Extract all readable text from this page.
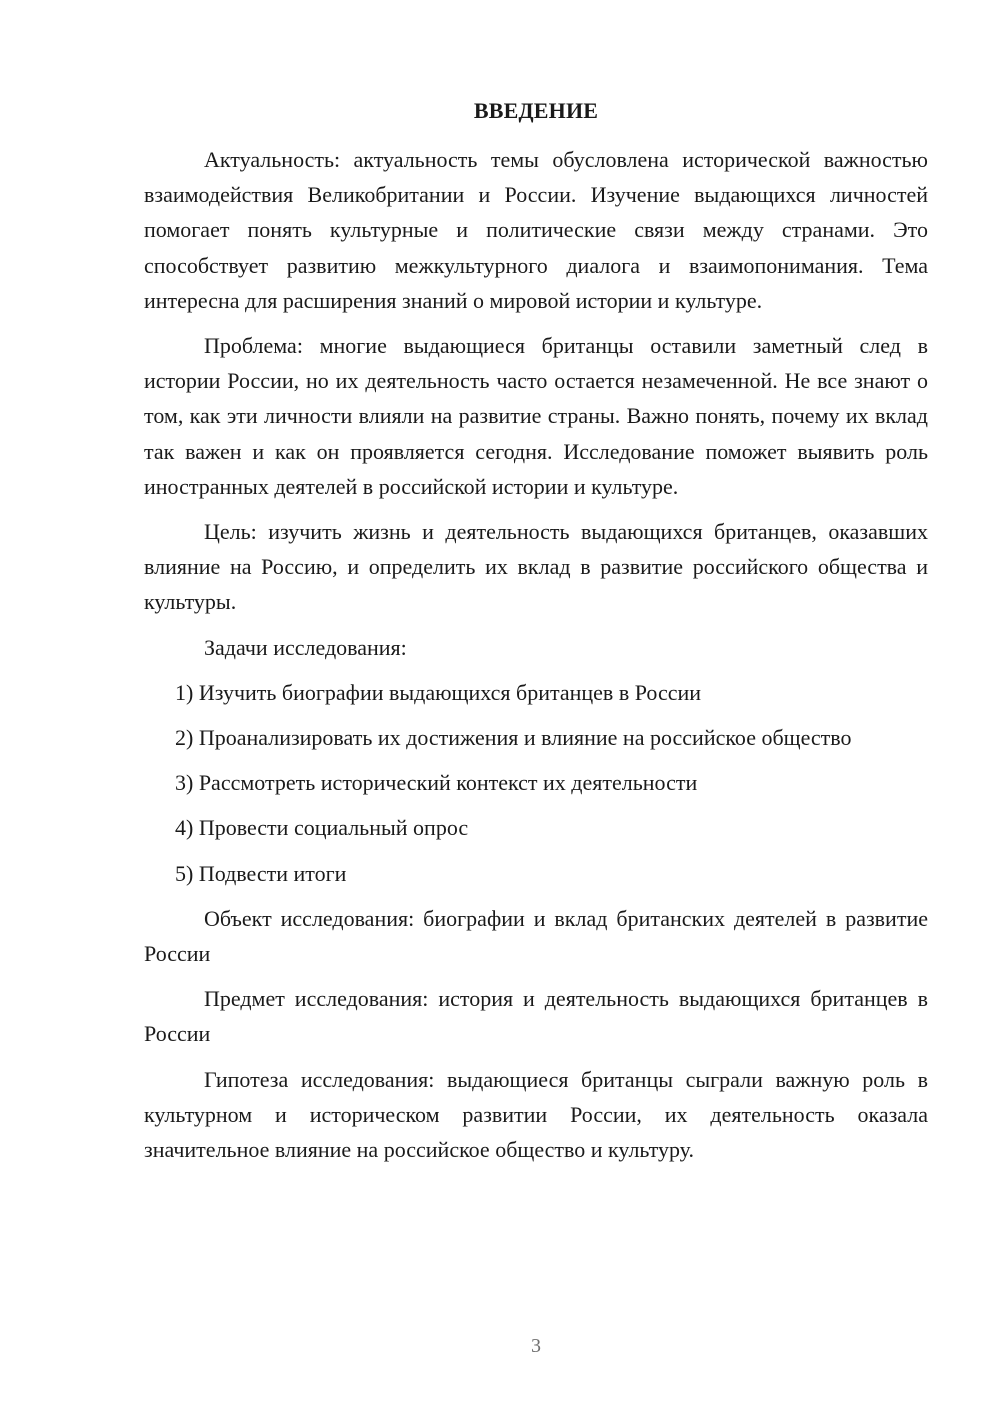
ВВЕДЕНИЕ

Актуальность: актуальность темы обусловлена исторической важностью взаимодействия Великобритании и России. Изучение выдающихся личностей помогает понять культурные и политические связи между странами. Это способствует развитию межкультурного диалога и взаимопонимания. Тема интересна для расширения знаний о мировой истории и культуре.

Проблема: многие выдающиеся британцы оставили заметный след в истории России, но их деятельность часто остается незамеченной. Не все знают о том, как эти личности влияли на развитие страны. Важно понять, почему их вклад так важен и как он проявляется сегодня. Исследование поможет выявить роль иностранных деятелей в российской истории и культуре.

Цель: изучить жизнь и деятельность выдающихся британцев, оказавших влияние на Россию, и определить их вклад в развитие российского общества и культуры.

Задачи исследования:

1) Изучить биографии выдающихся британцев в России

2) Проанализировать их достижения и влияние на российское общество

3) Рассмотреть исторический контекст их деятельности

4) Провести социальный опрос

5) Подвести итоги

Объект исследования: биографии и вклад британских деятелей в развитие России

Предмет исследования: история и деятельность выдающихся британцев в России

Гипотеза исследования: выдающиеся британцы сыграли важную роль в культурном и историческом развитии России, их деятельность оказала значительное влияние на российское общество и культуру.

3
